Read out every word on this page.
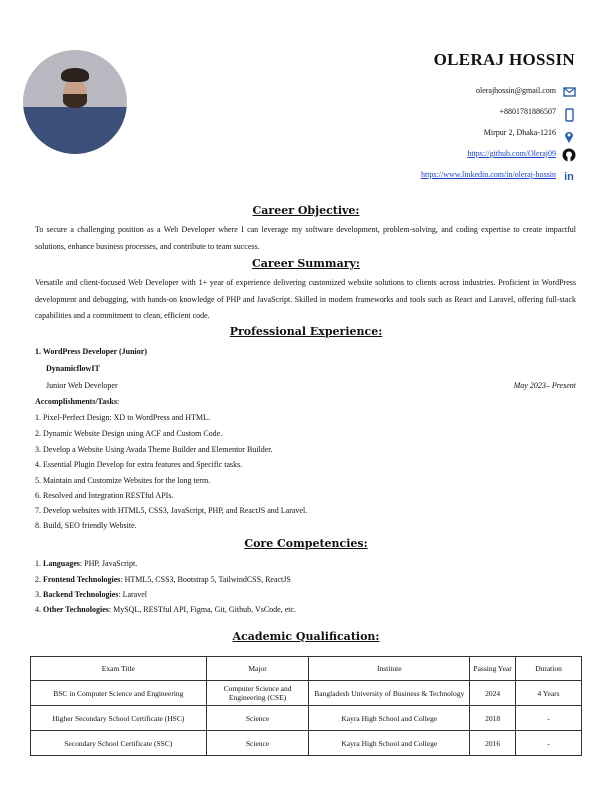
OLERAJ HOSSIN
olerajhossin@gmail.com
+8801781886507
Mirpur 2, Dhaka-1216
https://github.com/Oleraj09
https://www.linkedin.com/in/oleraj-hossin in
Career Objective:
To secure a challenging position as a Web Developer where I can leverage my software development, problem-solving, and coding expertise to create impactful solutions, enhance business processes, and contribute to team success.
Career Summary:
Versatile and client-focused Web Developer with 1+ year of experience delivering customized website solutions to clients across industries. Proficient in WordPress development and debugging, with hands-on knowledge of PHP and JavaScript. Skilled in modern frameworks and tools such as React and Laravel, offering full-stack capabilities and a commitment to clean, efficient code.
Professional Experience:
1. WordPress Developer (Junior)
DynamicflowIT
Junior Web Developer	May 2023– Present
Accomplishments/Tasks:
1. Pixel-Perfect Design: XD to WordPress and HTML.
2. Dynamic Website Design using ACF and Custom Code.
3. Develop a Website Using Avada Theme Builder and Elementor Builder.
4. Essential Plugin Develop for extra features and Specific tasks.
5. Maintain and Customize Websites for the long term.
6. Resolved and Integration RESTful APIs.
7. Develop websites with HTML5, CSS3, JavaScript, PHP, and ReactJS and Laravel.
8. Build, SEO friendly Website.
Core Competencies:
1. Languages: PHP, JavaScript.
2. Frontend Technologies: HTML5, CSS3, Bootstrap 5, TailwindCSS, ReactJS
3. Backend Technologies: Laravel
4. Other Technologies: MySQL, RESTful API, Figma, Git, Github, VsCode, etc.
Academic Qualification:
Exam Title	Major	Institute	Passing Year	Duration
BSC in Computer Science and Engineering	Computer Science and Engineering (CSE)	Bangladesh University of Business & Technology	2024	4 Years
Higher Secondary School Certificate (HSC)	Science	Kayra High School and College	2018	-
Secondary School Certificate (SSC)	Science	Kayra High School and College	2016	-
